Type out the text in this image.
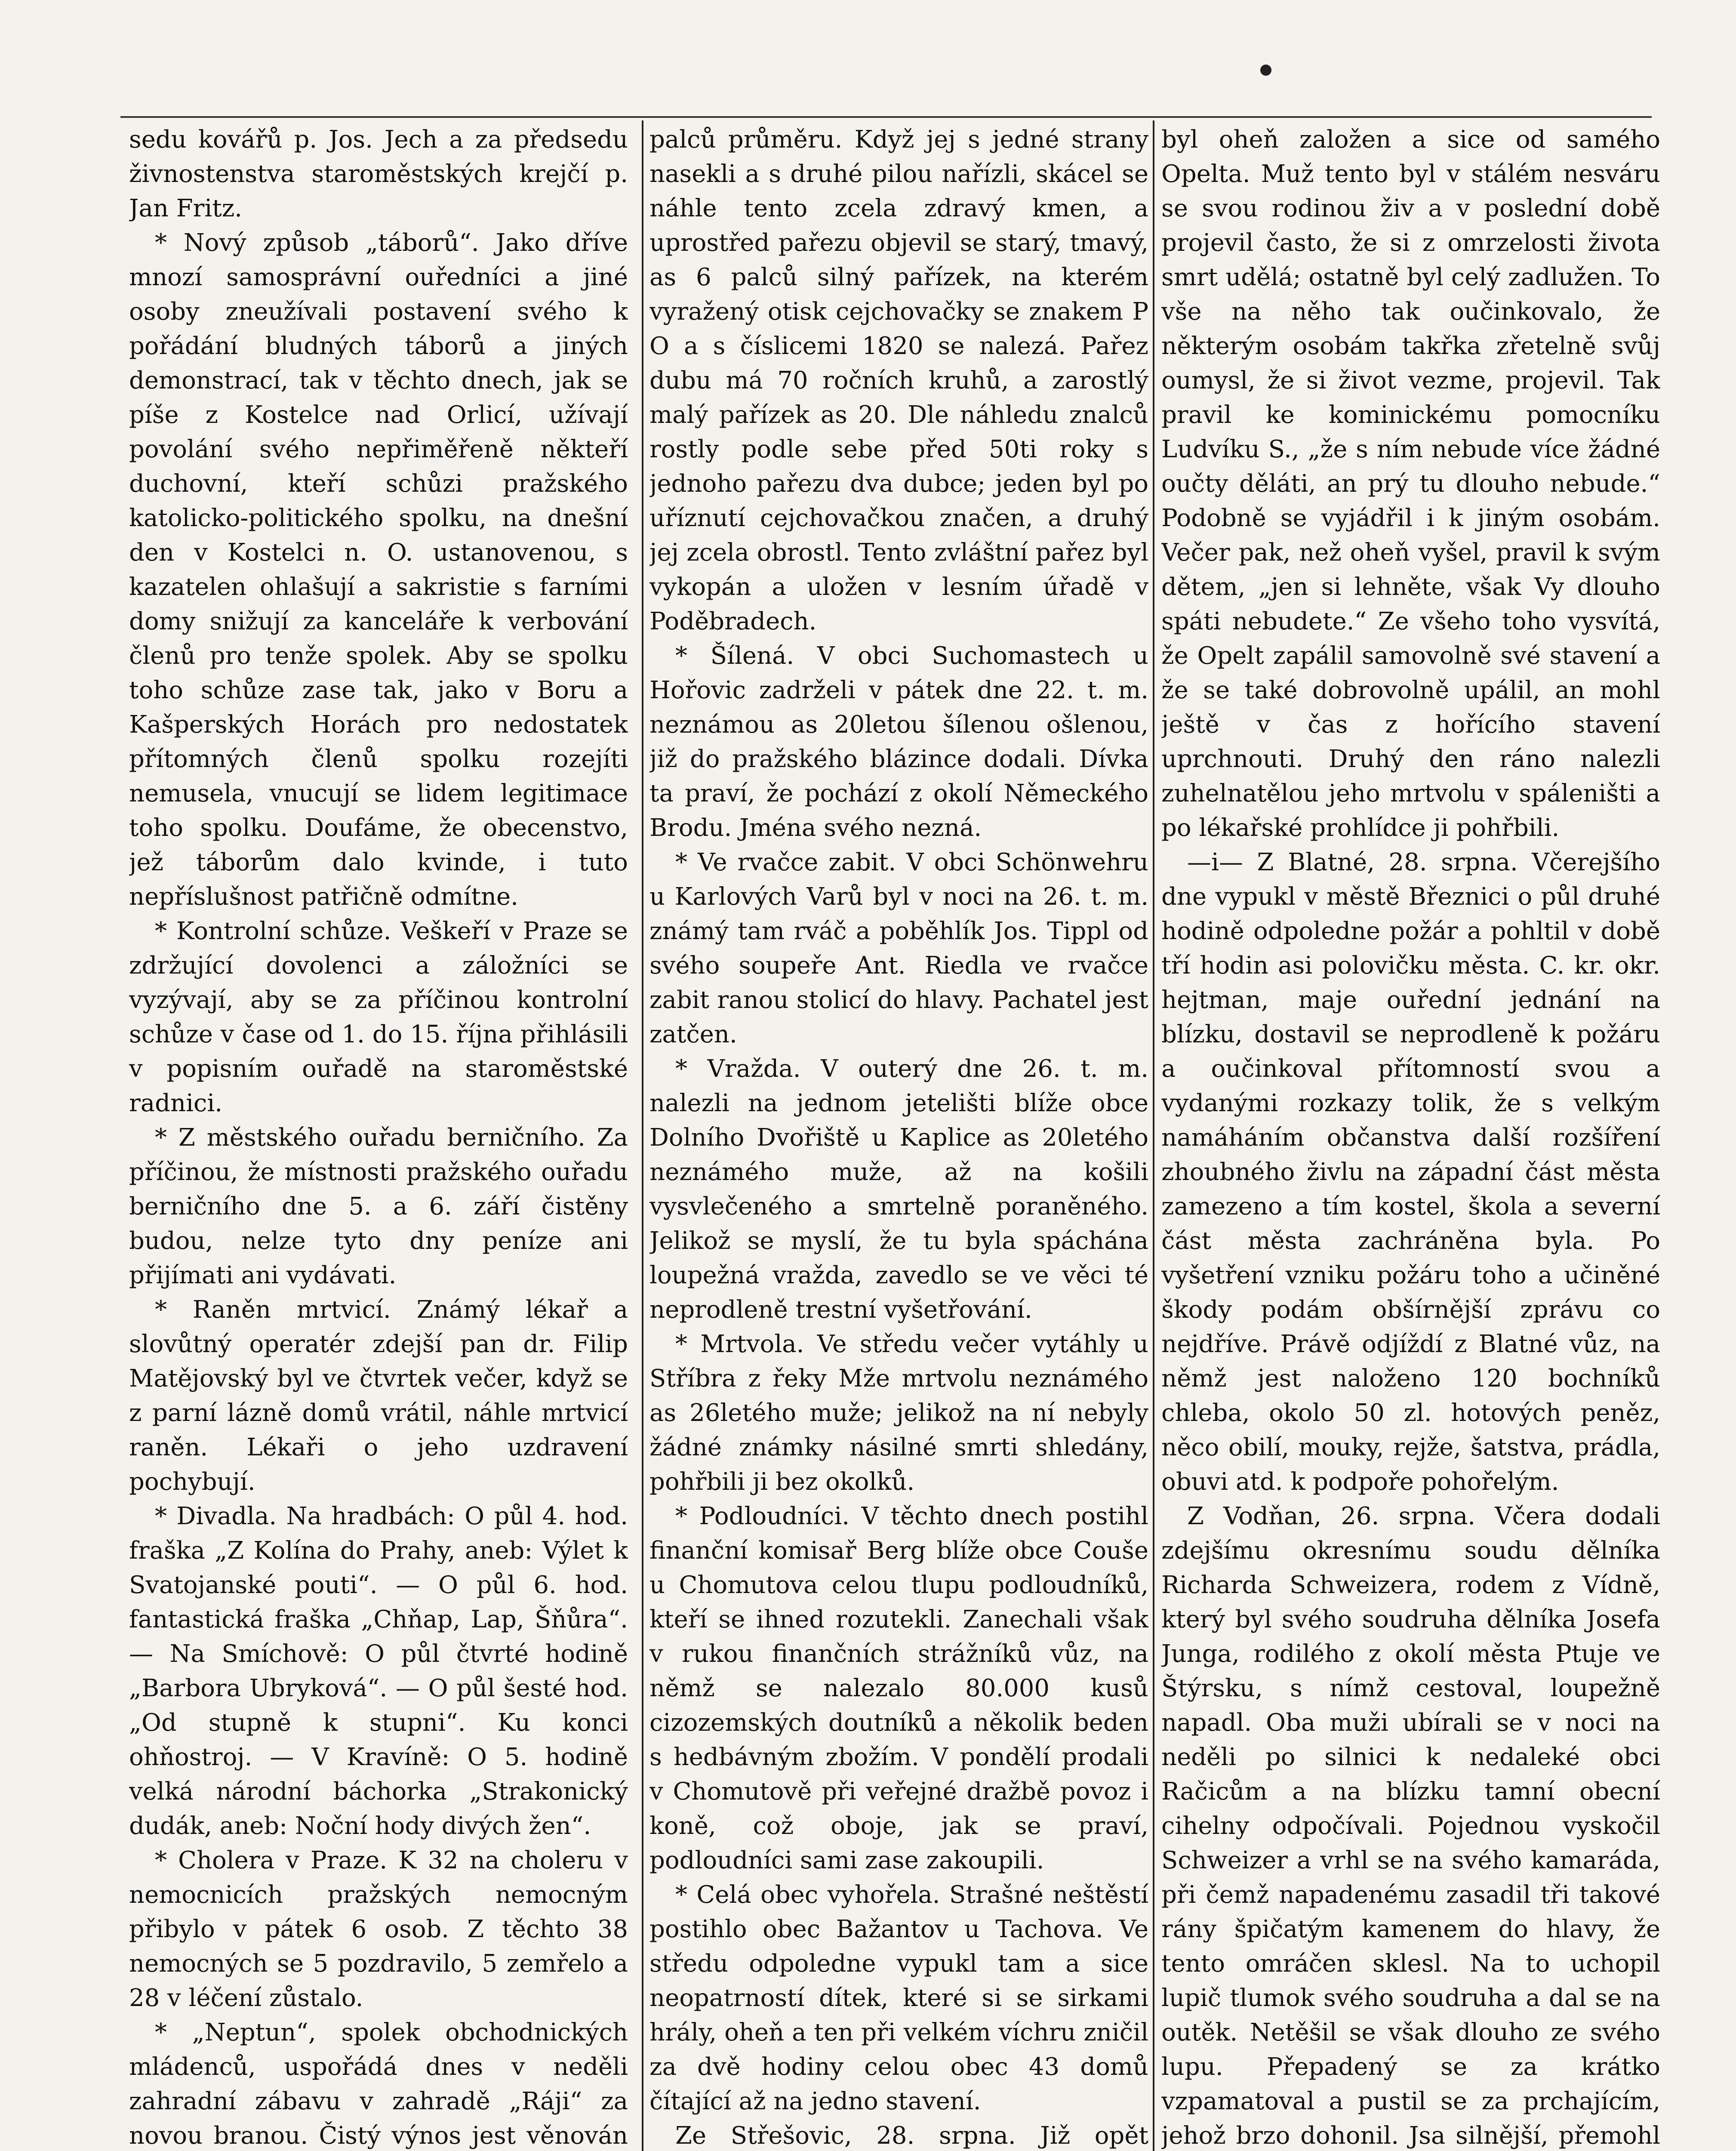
sedu kovářů p. Jos. Jech a za předsedu živnostenstva staroměstských krejčí p. Jan Fritz.

* Nový způsob „táborů“. Jako dříve mnozí samosprávní ouředníci a jiné osoby zneužívali postavení svého k pořádání bludných táborů a jiných demonstrací, tak v těchto dnech, jak se píše z Kostelce nad Orlicí, užívají povolání svého nepřiměřeně někteří duchovní, kteří schůzi pražského katolicko-politického spolku, na dnešní den v Kostelci n. O. ustanovenou, s kazatelen ohlašují a sakristie s farními domy snižují za kanceláře k verbování členů pro tenže spolek. Aby se spolku toho schůze zase tak, jako v Boru a Kašperských Horách pro nedostatek přítomných členů spolku rozejíti nemusela, vnucují se lidem legitimace toho spolku. Doufáme, že obecenstvo, jež táborům dalo kvinde, i tuto nepříslušnost patřičně odmítne.

* Kontrolní schůze. Veškeří v Praze se zdržující dovolenci a záložníci se vyzývají, aby se za příčinou kontrolní schůze v čase od 1. do 15. října přihlásili v popisním ouřadě na staroměstské radnici.

* Z městského ouřadu berničního. Za příčinou, že místnosti pražského ouřadu berničního dne 5. a 6. září čistěny budou, nelze tyto dny peníze ani přijímati ani vydávati.

* Raněn mrtvicí. Známý lékař a slovůtný operatér zdejší pan dr. Filip Matějovský byl ve čtvrtek večer, když se z parní lázně domů vrátil, náhle mrtvicí raněn. Lékaři o jeho uzdravení pochybují.

* Divadla. Na hradbách: O půl 4. hod. fraška „Z Kolína do Prahy, aneb: Výlet k Svatojanské pouti“. — O půl 6. hod. fantastická fraška „Chňap, Lap, Šňůra“. — Na Smíchově: O půl čtvrté hodině „Barbora Ubryková“. — O půl šesté hod. „Od stupně k stupni“. Ku konci ohňostroj. — V Kravíně: O 5. hodině velká národní báchorka „Strakonický dudák, aneb: Noční hody divých žen“.

* Cholera v Praze. K 32 na choleru v nemocnicích pražských nemocným přibylo v pátek 6 osob. Z těchto 38 nemocných se 5 pozdravilo, 5 zemřelo a 28 v léčení zůstalo.

* „Neptun“, spolek obchodnických mládenců, uspořádá dnes v neděli zahradní zábavu v zahradě „Ráji“ za novou branou. Čistý výnos jest věnován

palců průměru. Když jej s jedné strany nasekli a s druhé pilou nařízli, skácel se náhle tento zcela zdravý kmen, a uprostřed pařezu objevil se starý, tmavý, as 6 palců silný pařízek, na kterém vyražený otisk cejchovačky se znakem P O a s číslicemi 1820 se nalezá. Pařez dubu má 70 ročních kruhů, a zarostlý malý pařízek as 20. Dle náhledu znalců rostly podle sebe před 50ti roky s jednoho pařezu dva dubce; jeden byl po uříznutí cejchovačkou značen, a druhý jej zcela obrostl. Tento zvláštní pařez byl vykopán a uložen v lesním úřadě v Poděbradech.

* Šílená. V obci Suchomastech u Hořovic zadrželi v pátek dne 22. t. m. neznámou as 20letou šílenou ošlenou, již do pražského blázince dodali. Dívka ta praví, že pochází z okolí Německého Brodu. Jména svého nezná.

* Ve rvačce zabit. V obci Schönwehru u Karlových Varů byl v noci na 26. t. m. známý tam rváč a poběhlík Jos. Tippl od svého soupeře Ant. Riedla ve rvačce zabit ranou stolicí do hlavy. Pachatel jest zatčen.

* Vražda. V outerý dne 26. t. m. nalezli na jednom jetelišti blíže obce Dolního Dvořiště u Kaplice as 20letého neznámého muže, až na košili vysvlečeného a smrtelně poraněného. Jelikož se myslí, že tu byla spáchána loupežná vražda, zavedlo se ve věci té neprodleně trestní vyšetřování.

* Mrtvola. Ve středu večer vytáhly u Stříbra z řeky Mže mrtvolu neznámého as 26letého muže; jelikož na ní nebyly žádné známky násilné smrti shledány, pohřbili ji bez okolků.

* Podloudníci. V těchto dnech postihl finanční komisař Berg blíže obce Couše u Chomutova celou tlupu podloudníků, kteří se ihned rozutekli. Zanechali však v rukou finančních strážníků vůz, na němž se nalezalo 80.000 kusů cizozemských doutníků a několik beden s hedbávným zbožím. V pondělí prodali v Chomutově při veřejné dražbě povoz i koně, což oboje, jak se praví, podloudníci sami zase zakoupili.

* Celá obec vyhořela. Strašné neštěstí postihlo obec Bažantov u Tachova. Ve středu odpoledne vypukl tam a sice neopatrností dítek, které si se sirkami hrály, oheň a ten při velkém víchru zničil za dvě hodiny celou obec 43 domů čítající až na jedno stavení.

Ze Střešovic, 28. srpna. Již opět

byl oheň založen a sice od samého Opelta. Muž tento byl v stálém nesváru se svou rodinou živ a v poslední době projevil často, že si z omrzelosti života smrt udělá; ostatně byl celý zadlužen. To vše na něho tak oučinkovalo, že některým osobám takřka zřetelně svůj oumysl, že si život vezme, projevil. Tak pravil ke kominickému pomocníku Ludvíku S., „že s ním nebude více žádné oučty děláti, an prý tu dlouho nebude.“ Podobně se vyjádřil i k jiným osobám. Večer pak, než oheň vyšel, pravil k svým dětem, „jen si lehněte, však Vy dlouho spáti nebudete.“ Ze všeho toho vysvítá, že Opelt zapálil samovolně své stavení a že se také dobrovolně upálil, an mohl ještě v čas z hořícího stavení uprchnouti. Druhý den ráno nalezli zuhelnatělou jeho mrtvolu v spáleništi a po lékařské prohlídce ji pohřbili.

—i— Z Blatné, 28. srpna. Včerejšího dne vypukl v městě Březnici o půl druhé hodině odpoledne požár a pohltil v době tří hodin asi polovičku města. C. kr. okr. hejtman, maje ouřední jednání na blízku, dostavil se neprodleně k požáru a oučinkoval přítomností svou a vydanými rozkazy tolik, že s velkým namáháním občanstva další rozšíření zhoubného živlu na západní část města zamezeno a tím kostel, škola a severní část města zachráněna byla. Po vyšetření vzniku požáru toho a učiněné škody podám obšírnější zprávu co nejdříve. Právě odjíždí z Blatné vůz, na němž jest naloženo 120 bochníků chleba, okolo 50 zl. hotových peněz, něco obilí, mouky, rejže, šatstva, prádla, obuvi atd. k podpoře pohořelým.

Z Vodňan, 26. srpna. Včera dodali zdejšímu okresnímu soudu dělníka Richarda Schweizera, rodem z Vídně, který byl svého soudruha dělníka Josefa Junga, rodilého z okolí města Ptuje ve Štýrsku, s nímž cestoval, loupežně napadl. Oba muži ubírali se v noci na neděli po silnici k nedaleké obci Račicům a na blízku tamní obecní cihelny odpočívali. Pojednou vyskočil Schweizer a vrhl se na svého kamaráda, při čemž napadenému zasadil tři takové rány špičatým kamenem do hlavy, že tento omráčen sklesl. Na to uchopil lupič tlumok svého soudruha a dal se na outěk. Netěšil se však dlouho ze svého lupu. Přepadený se za krátko vzpamatoval a pustil se za prchajícím, jehož brzo dohonil. Jsa silnější, přemohl
